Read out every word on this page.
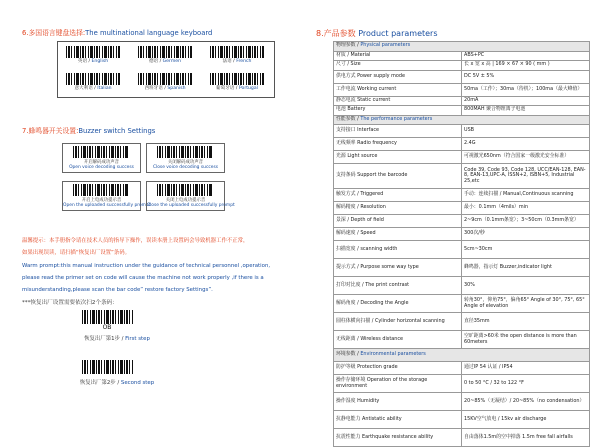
6.多国语言键盘选择:The multinational language keyboard
英语 / English	德语 / Germen	法语 / French
意大利语 / Italian	西班牙语 / Spanish	葡萄牙语 / Portugal
7.蜂鸣器开关设置:Buzzer switch Settings
开启解码成功声音
Open voice decoding success
关闭解码成功声音
Close voice decoding success
开启上电成功提示音
Open the uploaded successfully prompt
关闭上电成功提示音
Close the uploaded successfully prompt
温馨提示：本手册指令请在技术人员的指导下操作，误读本册上设置码会导致机器工作不正常，
如果出现误读，请扫描“恢复出厂设置”条码。
Warm prompt:this manual instruction under the guidance of technical personnel ,operation,
please read the primer set on code will cause the machine not work properly ,if there is a
misunderstanding,please scan the bar code” restore factory Settings”.
***恢复出厂设置需要依次扫2个条码：
OB
恢复出厂第1步 / First step
恢复出厂第2步 / Second step
8.产品参数 Product parameters
物理参数 / Physical parameters	
材质 / Material	ABS+PC
尺寸 / Size	长 x 宽 x 高 | 169 × 67 × 90 ( mm )
供电方式 Power supply mode	DC 5V ± 5%
工作电流 Working current	50ma（工作）；30ma（待机）；100ma（最大峰值）
静态电流 Static current	20mA
电池 Battery	800MAH 聚合物锂离子电池
性能参数 / The performance parameters	
支持接口 Interface	USB
无线频率 Radio frequency	2.4G
光源 Light source	可视激光650nm（符合国家一级激光安全标准）
支持条码 Support the barcode	Code 39, Code 93, Code 128, UCC/EAN-128, EAN-8, EAN-13,UPC-A, ISSN+2, ISBN+5, Industrial 25,etc
触发方式 / Triggered	手动：连续扫描 / Manual,Continuous scanning
解码精度 / Resolution	最小：0.1mm（4mils）min
景深 / Depth of field	2~9cm（0.1mm条宽）；3~50cm（0.3mm条宽）
解码速度 / Speed	300次/秒
扫描宽度 / scanning width	5cm~30cm
提示方式 / Purpose some way type	蜂鸣器，指示灯 Buzzer,indicator light
打印对比度 / The print contrast	30%
解码角度 / Decoding the Angle	转角30°，仰角75°，偏角65° Angle of 30°, 75°, 65° Angle of elevation
圆柱体横向扫描 / Cylinder horizontal scanning	直径35mm
无线距离 / Wireless distance	空旷距离>60米 the open distance is more than 60meters
环境参数 / Environmental parameters	
防护等级 Protection grade	通过IP 54 认证 / IP54
操作存储环境 Operation of the storage environment	0 to 50 °C / 32 to 122 °F
操作湿度 Humidity	20~85%（无凝结）/ 20~85%（no condensation）
抗静电能力 Antistatic ability	15KV空气放电 / 15kv air discharge
抗震性能力 Earthquake resistance ability	自由落体1.5m的空中掉落 1.5m free fall airfalls
